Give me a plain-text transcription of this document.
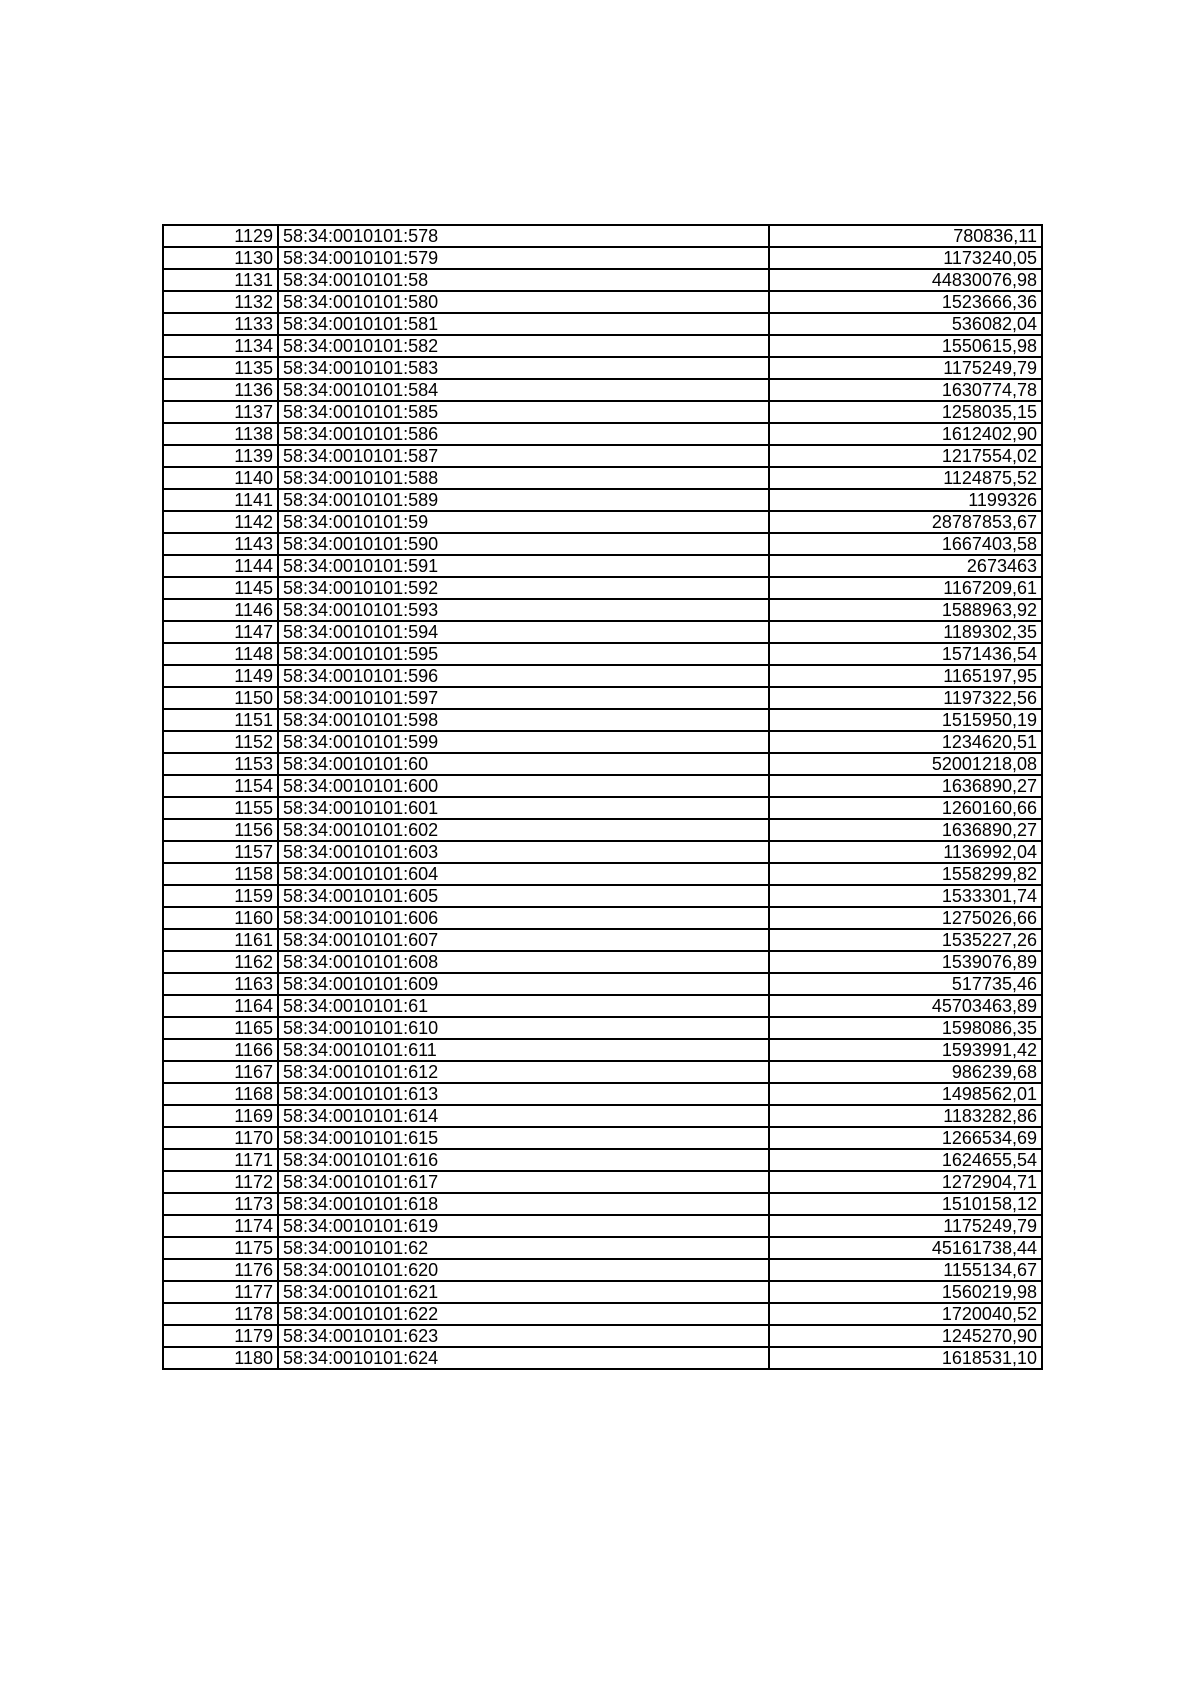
1129	58:34:0010101:578	780836,11
1130	58:34:0010101:579	1173240,05
1131	58:34:0010101:58	44830076,98
1132	58:34:0010101:580	1523666,36
1133	58:34:0010101:581	536082,04
1134	58:34:0010101:582	1550615,98
1135	58:34:0010101:583	1175249,79
1136	58:34:0010101:584	1630774,78
1137	58:34:0010101:585	1258035,15
1138	58:34:0010101:586	1612402,90
1139	58:34:0010101:587	1217554,02
1140	58:34:0010101:588	1124875,52
1141	58:34:0010101:589	1199326
1142	58:34:0010101:59	28787853,67
1143	58:34:0010101:590	1667403,58
1144	58:34:0010101:591	2673463
1145	58:34:0010101:592	1167209,61
1146	58:34:0010101:593	1588963,92
1147	58:34:0010101:594	1189302,35
1148	58:34:0010101:595	1571436,54
1149	58:34:0010101:596	1165197,95
1150	58:34:0010101:597	1197322,56
1151	58:34:0010101:598	1515950,19
1152	58:34:0010101:599	1234620,51
1153	58:34:0010101:60	52001218,08
1154	58:34:0010101:600	1636890,27
1155	58:34:0010101:601	1260160,66
1156	58:34:0010101:602	1636890,27
1157	58:34:0010101:603	1136992,04
1158	58:34:0010101:604	1558299,82
1159	58:34:0010101:605	1533301,74
1160	58:34:0010101:606	1275026,66
1161	58:34:0010101:607	1535227,26
1162	58:34:0010101:608	1539076,89
1163	58:34:0010101:609	517735,46
1164	58:34:0010101:61	45703463,89
1165	58:34:0010101:610	1598086,35
1166	58:34:0010101:611	1593991,42
1167	58:34:0010101:612	986239,68
1168	58:34:0010101:613	1498562,01
1169	58:34:0010101:614	1183282,86
1170	58:34:0010101:615	1266534,69
1171	58:34:0010101:616	1624655,54
1172	58:34:0010101:617	1272904,71
1173	58:34:0010101:618	1510158,12
1174	58:34:0010101:619	1175249,79
1175	58:34:0010101:62	45161738,44
1176	58:34:0010101:620	1155134,67
1177	58:34:0010101:621	1560219,98
1178	58:34:0010101:622	1720040,52
1179	58:34:0010101:623	1245270,90
1180	58:34:0010101:624	1618531,10
